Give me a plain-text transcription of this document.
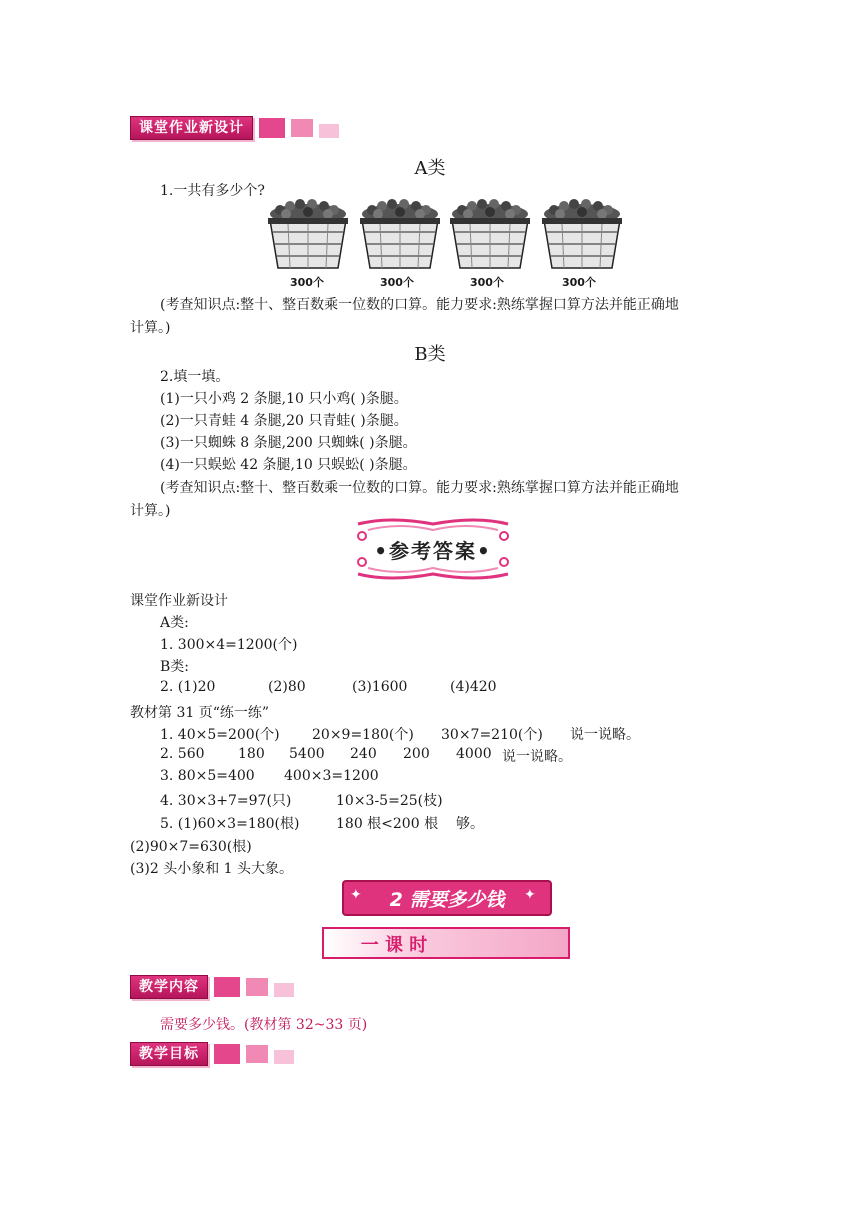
课堂作业新设计
A类
1.一共有多少个?
300个	300个	300个	300个
(考查知识点:整十、整百数乘一位数的口算。能力要求:熟练掌握口算方法并能正确地
计算。)
B类
2.填一填。
(1)一只小鸡 2 条腿,10 只小鸡( )条腿。
(2)一只青蛙 4 条腿,20 只青蛙( )条腿。
(3)一只蜘蛛 8 条腿,200 只蜘蛛( )条腿。
(4)一只蜈蚣 42 条腿,10 只蜈蚣( )条腿。
(考查知识点:整十、整百数乘一位数的口算。能力要求:熟练掌握口算方法并能正确地
计算。)
•参考答案•
课堂作业新设计
A类:
1. 300×4=1200(个)
B类:
2. (1)20	(2)80	(3)1600	(4)420
教材第 31 页“练一练”
1. 40×5=200(个) 20×9=180(个) 30×7=210(个) 说一说略。
2. 560 180 5400 240 200 4000 说一说略。
3. 80×5=400 400×3=1200
4. 30×3+7=97(只)	10×3-5=25(枝)
5. (1)60×3=180(根)	180 根<200 根 够。
(2)90×7=630(根)
(3)2 头小象和 1 头大象。
✦	✦
2 需要多少钱
一 课 时
教学内容
需要多少钱。(教材第 32~33 页)
教学目标
